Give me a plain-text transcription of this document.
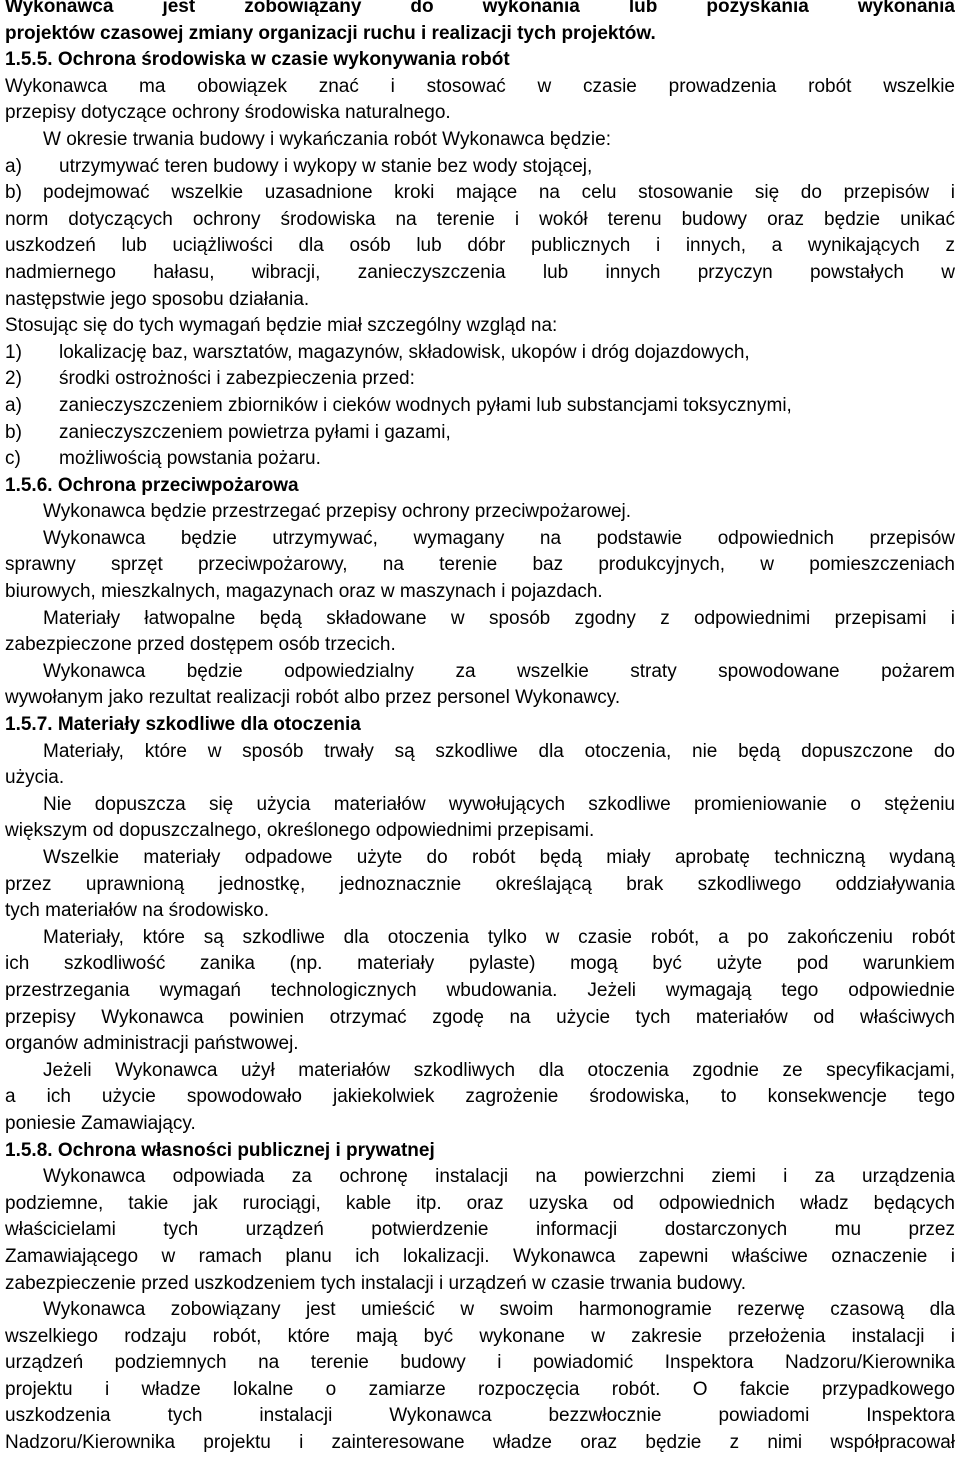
Wykonawca jest zobowiązany do wykonania lub pozyskania wykonania
projektów czasowej zmiany organizacji ruchu i realizacji tych projektów.
1.5.5. Ochrona środowiska w czasie wykonywania robót
Wykonawca ma obowiązek znać i stosować w czasie prowadzenia robót wszelkie
przepisy dotyczące ochrony środowiska naturalnego.
W okresie trwania budowy i wykańczania robót Wykonawca będzie:
a) utrzymywać teren budowy i wykopy w stanie bez wody stojącej,
b)	podejmować wszelkie uzasadnione kroki mające na celu stosowanie się do przepisów i
norm dotyczących ochrony środowiska na terenie i wokół terenu budowy oraz będzie unikać
uszkodzeń lub uciążliwości dla osób lub dóbr publicznych i innych, a wynikających z
nadmiernego hałasu, wibracji, zanieczyszczenia lub innych przyczyn powstałych w
następstwie jego sposobu działania.
Stosując się do tych wymagań będzie miał szczególny wzgląd na:
1) lokalizację baz, warsztatów, magazynów, składowisk, ukopów i dróg dojazdowych,
2) środki ostrożności i zabezpieczenia przed:
a) zanieczyszczeniem zbiorników i cieków wodnych pyłami lub substancjami toksycznymi,
b) zanieczyszczeniem powietrza pyłami i gazami,
c) możliwością powstania pożaru.
1.5.6. Ochrona przeciwpożarowa
Wykonawca będzie przestrzegać przepisy ochrony przeciwpożarowej.
Wykonawca będzie utrzymywać, wymagany na podstawie odpowiednich przepisów
sprawny sprzęt przeciwpożarowy, na terenie baz produkcyjnych, w pomieszczeniach
biurowych, mieszkalnych, magazynach oraz w maszynach i pojazdach.
Materiały łatwopalne będą składowane w sposób zgodny z odpowiednimi przepisami i
zabezpieczone przed dostępem osób trzecich.
Wykonawca będzie odpowiedzialny za wszelkie straty spowodowane pożarem
wywołanym jako rezultat realizacji robót albo przez personel Wykonawcy.
1.5.7. Materiały szkodliwe dla otoczenia
Materiały, które w sposób trwały są szkodliwe dla otoczenia, nie będą dopuszczone do
użycia.
Nie dopuszcza się użycia materiałów wywołujących szkodliwe promieniowanie o stężeniu
większym od dopuszczalnego, określonego odpowiednimi przepisami.
Wszelkie materiały odpadowe użyte do robót będą miały aprobatę techniczną wydaną
przez uprawnioną jednostkę, jednoznacznie określającą brak szkodliwego oddziaływania
tych materiałów na środowisko.
Materiały, które są szkodliwe dla otoczenia tylko w czasie robót, a po zakończeniu robót
ich szkodliwość zanika (np. materiały pylaste) mogą być użyte pod warunkiem
przestrzegania wymagań technologicznych wbudowania. Jeżeli wymagają tego odpowiednie
przepisy Wykonawca powinien otrzymać zgodę na użycie tych materiałów od właściwych
organów administracji państwowej.
Jeżeli Wykonawca użył materiałów szkodliwych dla otoczenia zgodnie ze specyfikacjami,
a ich użycie spowodowało jakiekolwiek zagrożenie środowiska, to konsekwencje tego
poniesie Zamawiający.
1.5.8. Ochrona własności publicznej i prywatnej
Wykonawca odpowiada za ochronę instalacji na powierzchni ziemi i za urządzenia
podziemne, takie jak rurociągi, kable itp. oraz uzyska od odpowiednich władz będących
właścicielami tych urządzeń potwierdzenie informacji dostarczonych mu przez
Zamawiającego w ramach planu ich lokalizacji. Wykonawca zapewni właściwe oznaczenie i
zabezpieczenie przed uszkodzeniem tych instalacji i urządzeń w czasie trwania budowy.
Wykonawca zobowiązany jest umieścić w swoim harmonogramie rezerwę czasową dla
wszelkiego rodzaju robót, które mają być wykonane w zakresie przełożenia instalacji i
urządzeń podziemnych na terenie budowy i powiadomić Inspektora Nadzoru/Kierownika
projektu i władze lokalne o zamiarze rozpoczęcia robót. O fakcie przypadkowego
uszkodzenia tych instalacji Wykonawca bezzwłocznie powiadomi Inspektora
Nadzoru/Kierownika projektu i zainteresowane władze oraz będzie z nimi współpracował
